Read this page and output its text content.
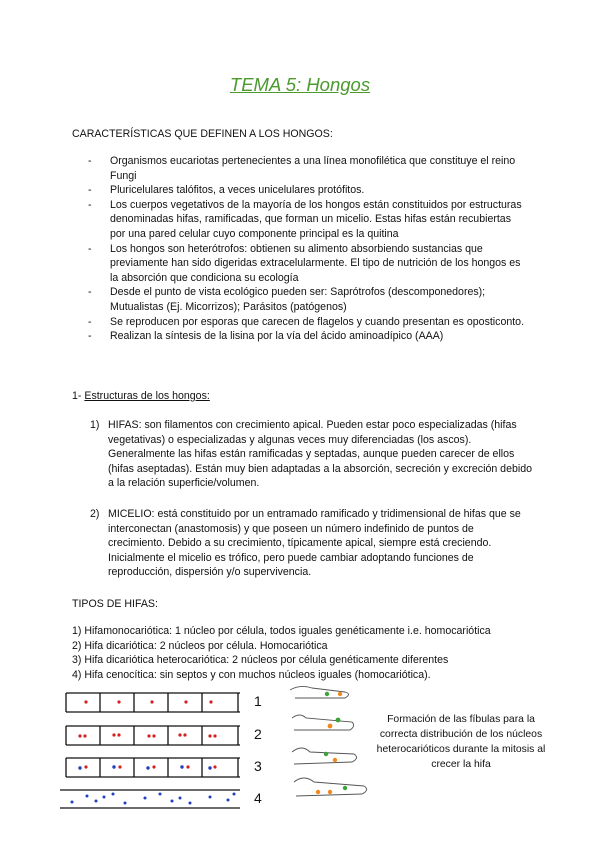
TEMA 5: Hongos
CARACTERÍSTICAS QUE DEFINEN A LOS HONGOS:
- Organismos eucariotas pertenecientes a una línea monofilética que constituye el reino Fungi
- Pluricelulares talófitos, a veces unicelulares protófitos.
- Los cuerpos vegetativos de la mayoría de los hongos están constituidos por estructuras denominadas hifas, ramificadas, que forman un micelio. Estas hifas están recubiertas por una pared celular cuyo componente principal es la quitina
- Los hongos son heterótrofos: obtienen su alimento absorbiendo sustancias que previamente han sido digeridas extracelularmente. El tipo de nutrición de los hongos es la absorción que condiciona su ecología
- Desde el punto de vista ecológico pueden ser: Saprótrofos (descomponedores); Mutualistas (Ej. Micorrizos); Parásitos (patógenos)
- Se reproducen por esporas que carecen de flagelos y cuando presentan es oposticonto.
- Realizan la síntesis de la lisina por la vía del ácido aminoadípico (AAA)
1- Estructuras de los hongos:
1) HIFAS: son filamentos con crecimiento apical. Pueden estar poco especializadas (hifas vegetativas) o especializadas y algunas veces muy diferenciadas (los ascos). Generalmente las hifas están ramificadas y septadas, aunque pueden carecer de ellos (hifas aseptadas). Están muy bien adaptadas a la absorción, secreción y excreción debido a la relación superficie/volumen.
2) MICELIO: está constituido por un entramado ramificado y tridimensional de hifas que se interconectan (anastomosis) y que poseen un número indefinido de puntos de crecimiento. Debido a su crecimiento, típicamente apical, siempre está creciendo. Inicialmente el micelio es trófico, pero puede cambiar adoptando funciones de reproducción, dispersión y/o supervivencia.
TIPOS DE HIFAS:
1) Hifamonocariótica: 1 núcleo por célula, todos iguales genéticamente i.e. homocariótica
2) Hifa dicariótica: 2 núcleos por célula. Homocariótica
3) Hifa dicariótica heterocariótica: 2 núcleos por célula genéticamente diferentes
4) Hifa cenocítica: sin septos y con muchos núcleos iguales (homocariótica).
1
2
3
4
Formación de las fíbulas para la correcta distribución de los núcleos heterocarióticos durante la mitosis al crecer la hifa
